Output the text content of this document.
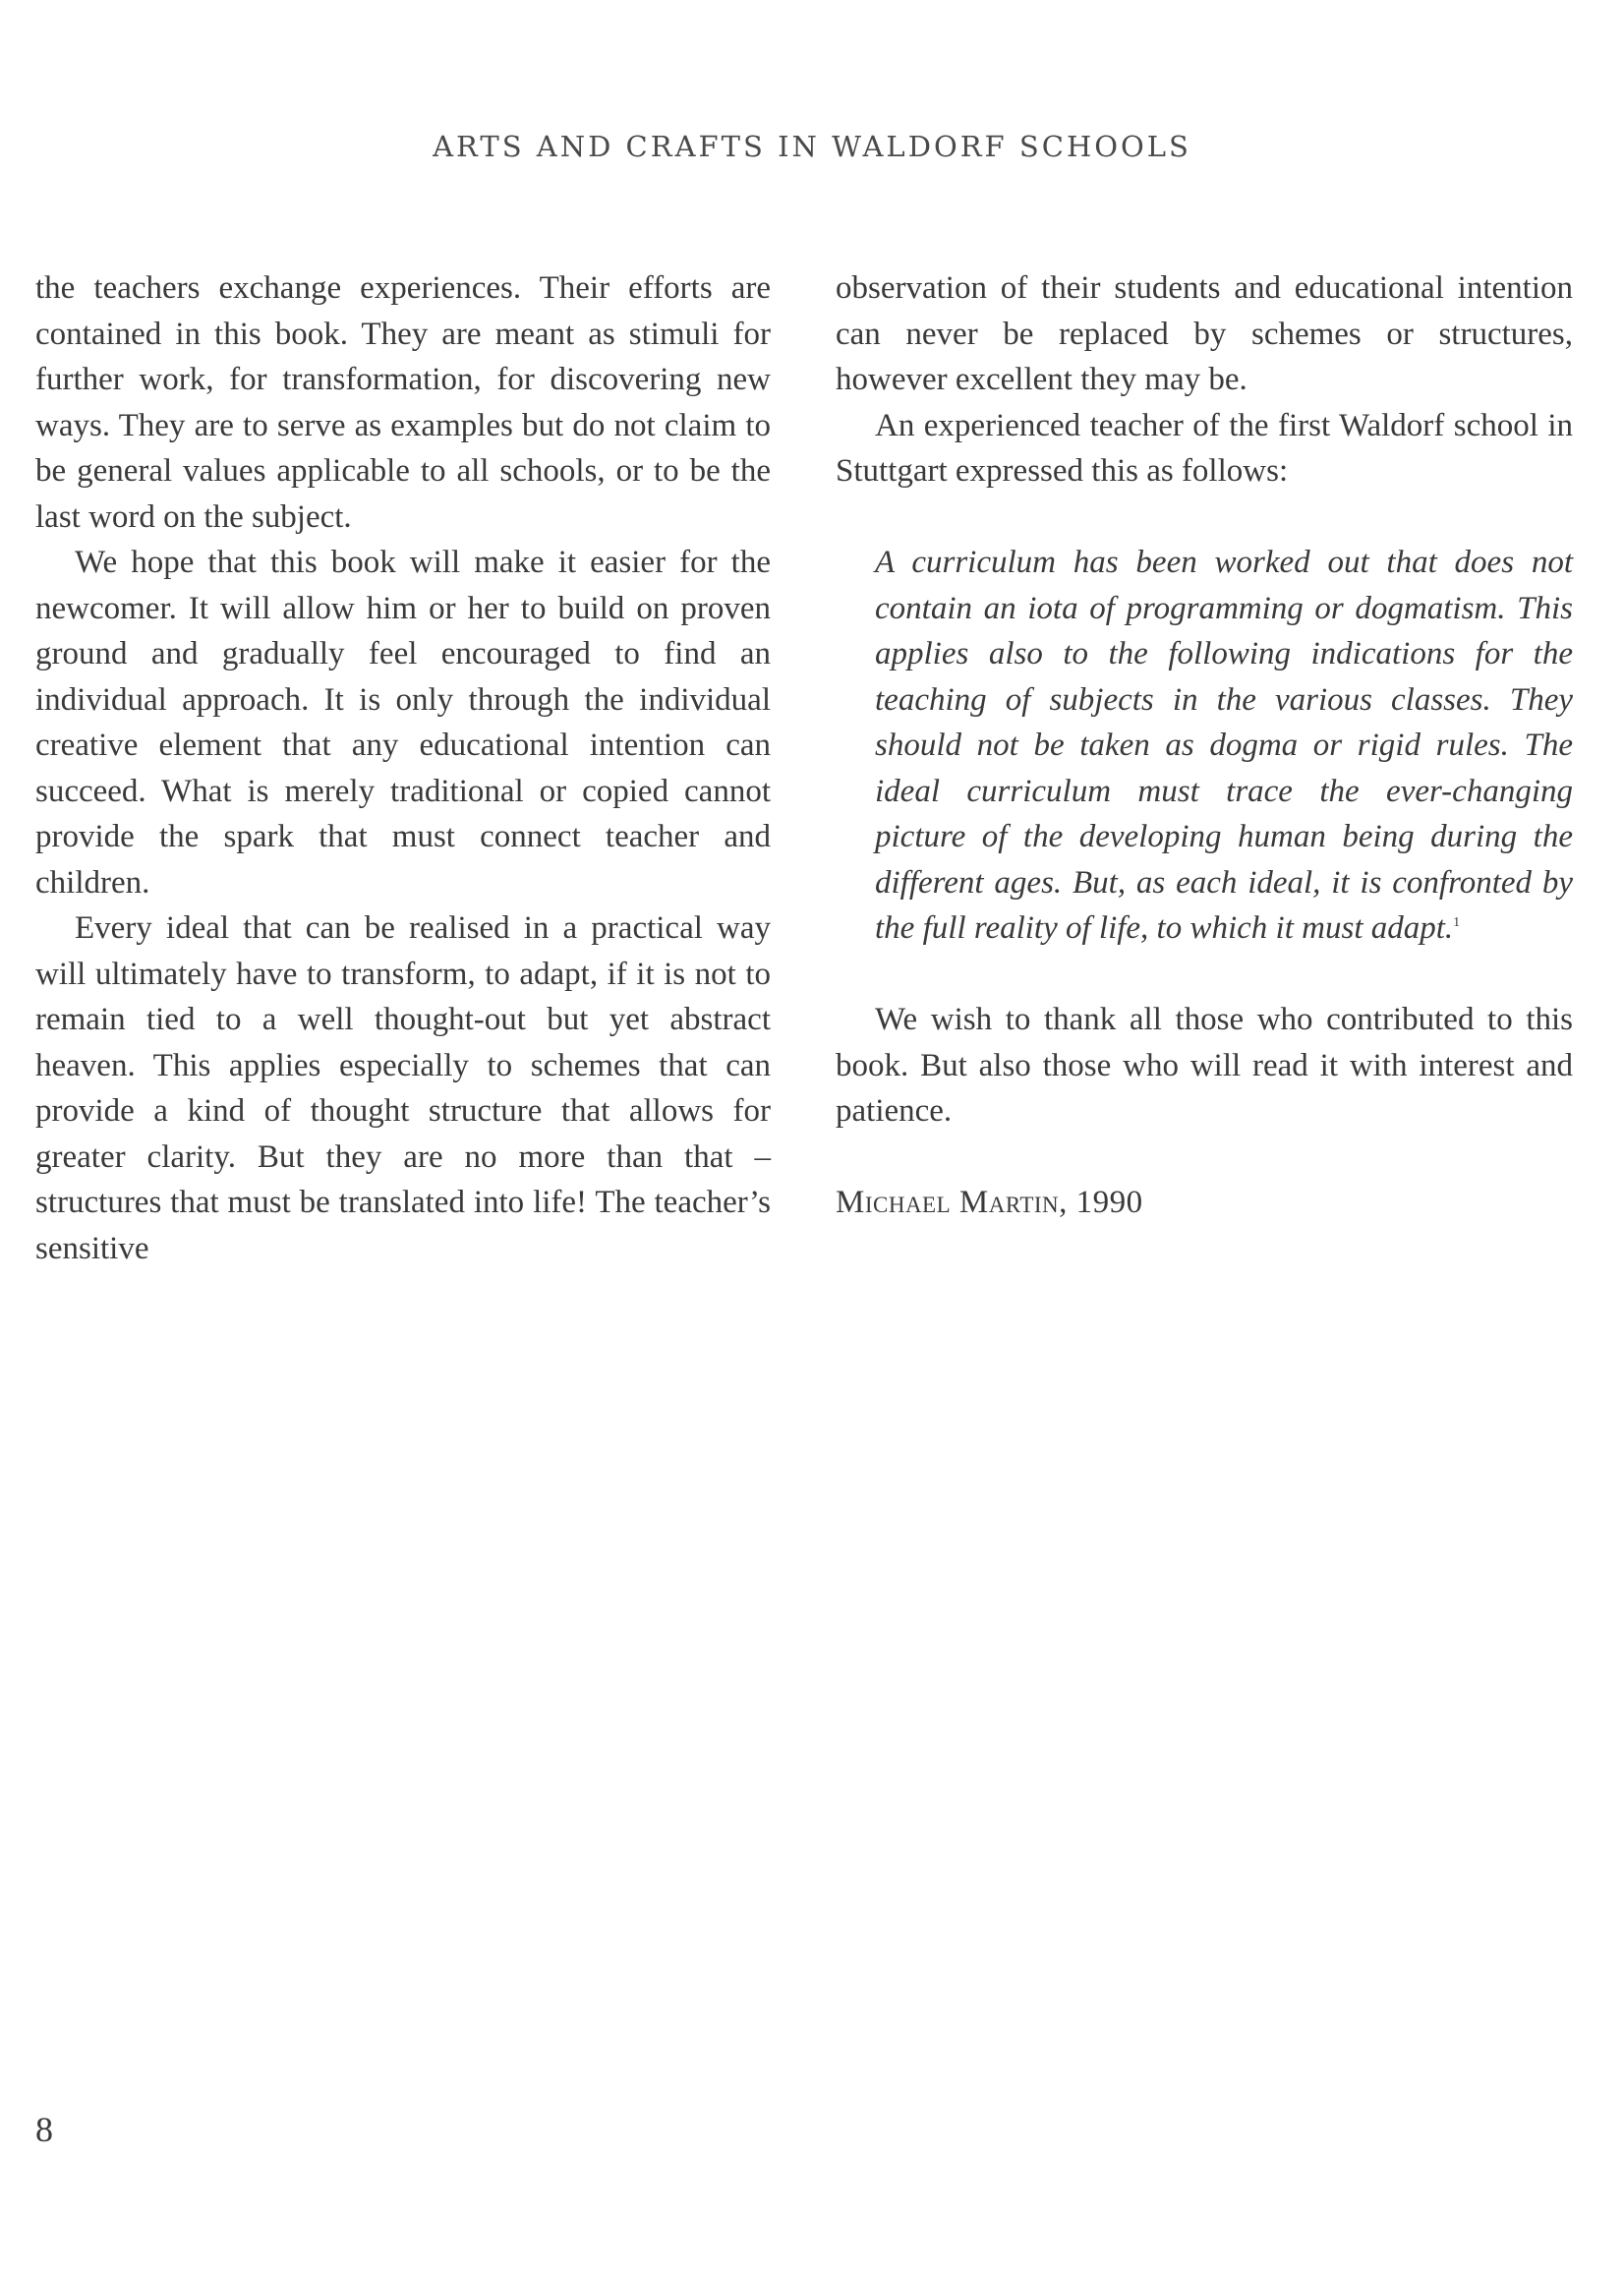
ARTS AND CRAFTS IN WALDORF SCHOOLS

the teachers exchange experiences. Their efforts are contained in this book. They are meant as stimuli for further work, for transformation, for discovering new ways. They are to serve as examples but do not claim to be general values applicable to all schools, or to be the last word on the subject.

We hope that this book will make it easier for the newcomer. It will allow him or her to build on proven ground and gradually feel encouraged to find an individual approach. It is only through the individual creative element that any educational intention can succeed. What is merely traditional or copied cannot provide the spark that must connect teacher and children.

Every ideal that can be realised in a practical way will ultimately have to transform, to adapt, if it is not to remain tied to a well thought-out but yet abstract heaven. This applies especially to schemes that can provide a kind of thought structure that allows for greater clarity. But they are no more than that – structures that must be translated into life! The teacher’s sensitive

observation of their students and educational intention can never be replaced by schemes or structures, however excellent they may be.

An experienced teacher of the first Waldorf school in Stuttgart expressed this as follows:

A curriculum has been worked out that does not contain an iota of programming or dogmatism. This applies also to the following indications for the teaching of subjects in the various classes. They should not be taken as dogma or rigid rules. The ideal curriculum must trace the ever-changing picture of the developing human being during the different ages. But, as each ideal, it is confronted by the full reality of life, to which it must adapt.$^1$

We wish to thank all those who contributed to this book. But also those who will read it with interest and patience.

Michael Martin, 1990
8
